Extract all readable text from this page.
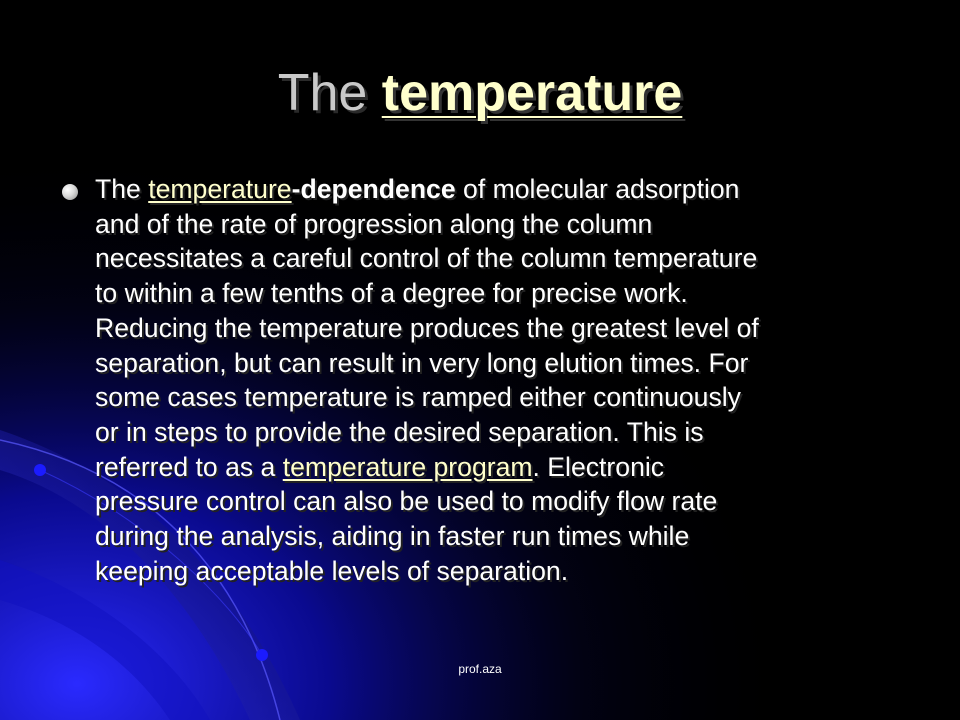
The temperature
The temperature-dependence of molecular adsorption
and of the rate of progression along the column
necessitates a careful control of the column temperature
to within a few tenths of a degree for precise work.
Reducing the temperature produces the greatest level of
separation, but can result in very long elution times. For
some cases temperature is ramped either continuously
or in steps to provide the desired separation. This is
referred to as a temperature program. Electronic
pressure control can also be used to modify flow rate
during the analysis, aiding in faster run times while
keeping acceptable levels of separation.
prof.aza
